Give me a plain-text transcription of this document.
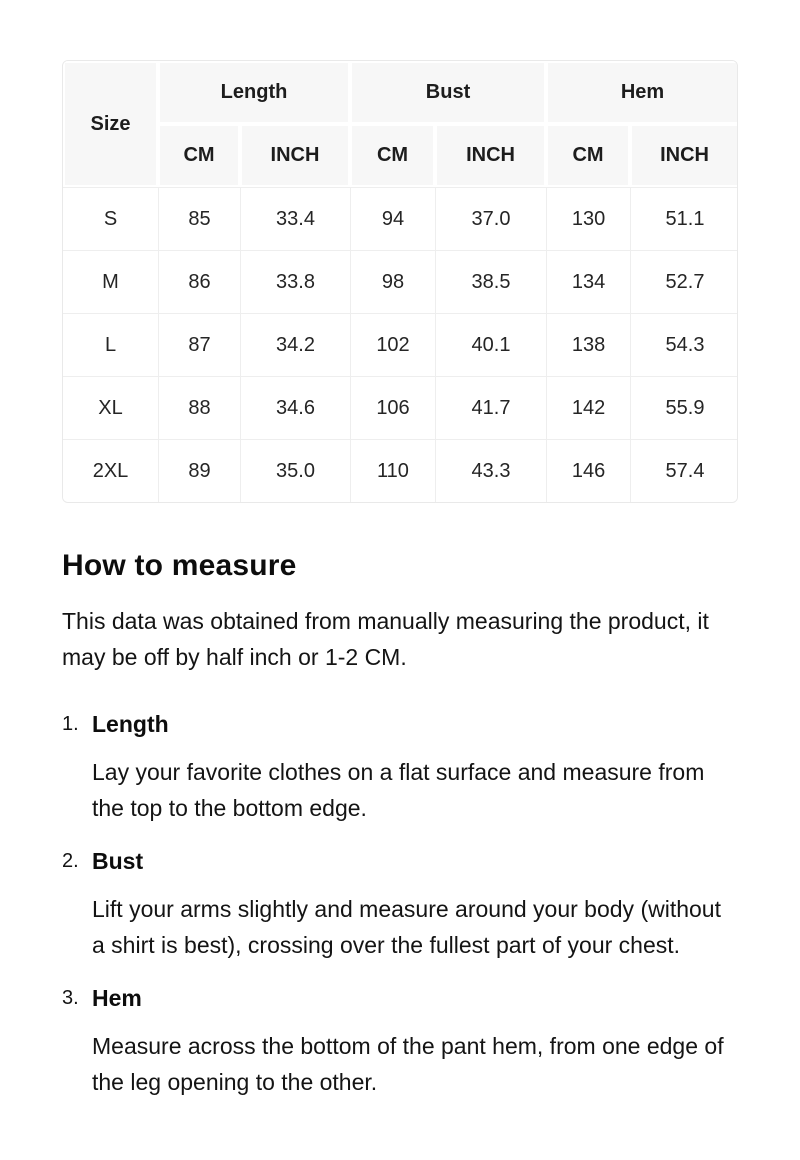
Size	Length		Bust		Hem	
	CM	INCH	CM	INCH	CM	INCH
S	85	33.4	94	37.0	130	51.1
M	86	33.8	98	38.5	134	52.7
L	87	34.2	102	40.1	138	54.3
XL	88	34.6	106	41.7	142	55.9
2XL	89	35.0	110	43.3	146	57.4
How to measure

This data was obtained from manually measuring the product, it may be off by half inch or 1-2 CM.

1. Length

Lay your favorite clothes on a flat surface and measure from the top to the bottom edge.

2. Bust

Lift your arms slightly and measure around your body (without a shirt is best), crossing over the fullest part of your chest.

3. Hem

Measure across the bottom of the pant hem, from one edge of the leg opening to the other.
